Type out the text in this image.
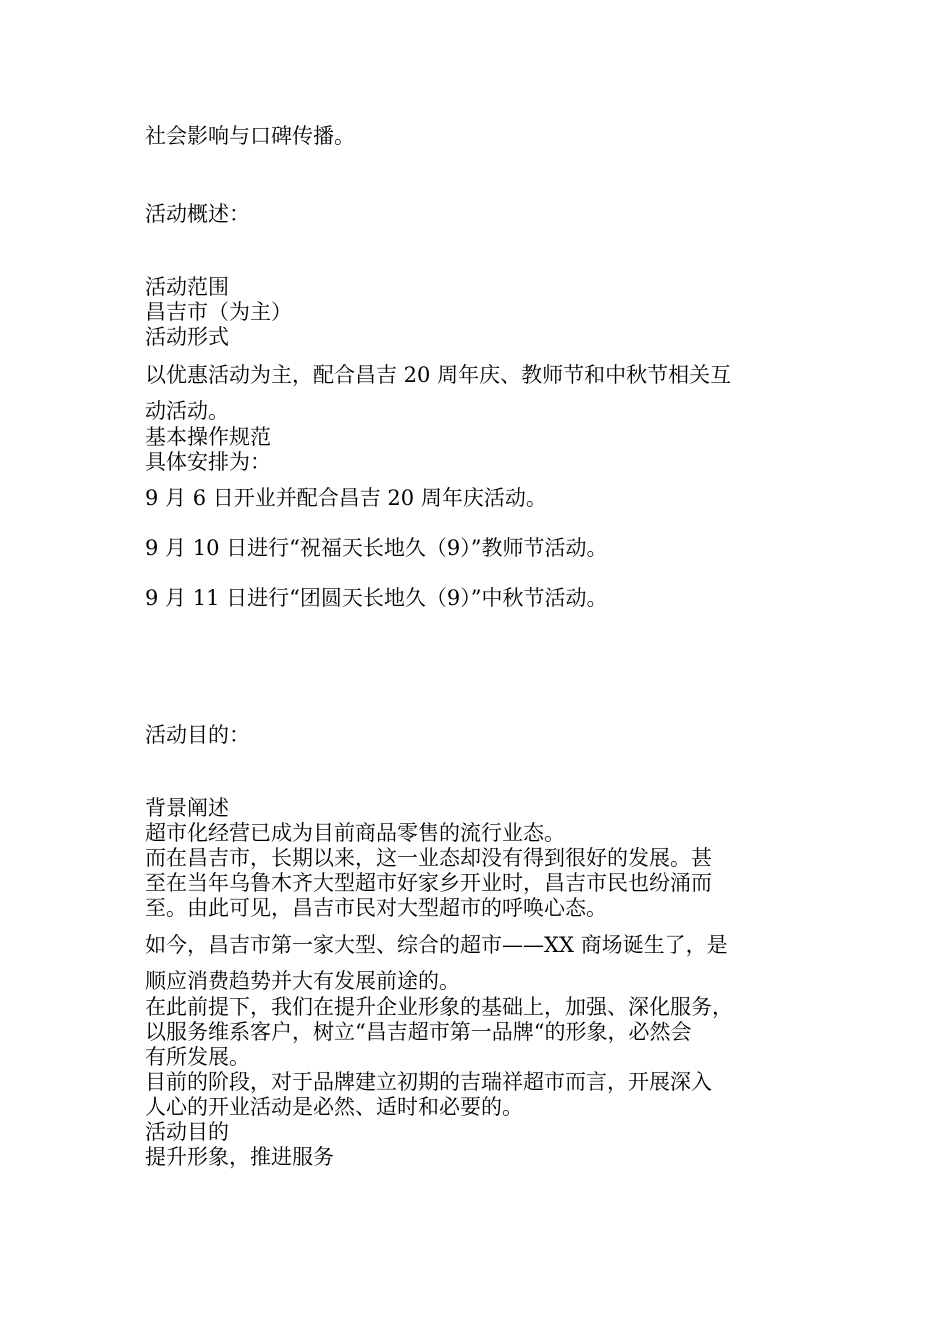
社会影响与口碑传播。

活动概述：

活动范围

昌吉市（为主）

活动形式

以优惠活动为主，配合昌吉 20 周年庆、教师节和中秋节相关互

动活动。

基本操作规范

具体安排为：

9 月 6 日开业并配合昌吉 20 周年庆活动。

9 月 10 日进行“祝福天长地久（9）”教师节活动。

9 月 11 日进行“团圆天长地久（9）”中秋节活动。

活动目的：

背景阐述

超市化经营已成为目前商品零售的流行业态。

而在昌吉市，长期以来，这一业态却没有得到很好的发展。甚

至在当年乌鲁木齐大型超市好家乡开业时，昌吉市民也纷涌而

至。由此可见，昌吉市民对大型超市的呼唤心态。

如今，昌吉市第一家大型、综合的超市——XX 商场诞生了，是

顺应消费趋势并大有发展前途的。

在此前提下，我们在提升企业形象的基础上，加强、深化服务，

以服务维系客户，树立“昌吉超市第一品牌“的形象，必然会

有所发展。

目前的阶段，对于品牌建立初期的吉瑞祥超市而言，开展深入

人心的开业活动是必然、适时和必要的。

活动目的

提升形象，推进服务
